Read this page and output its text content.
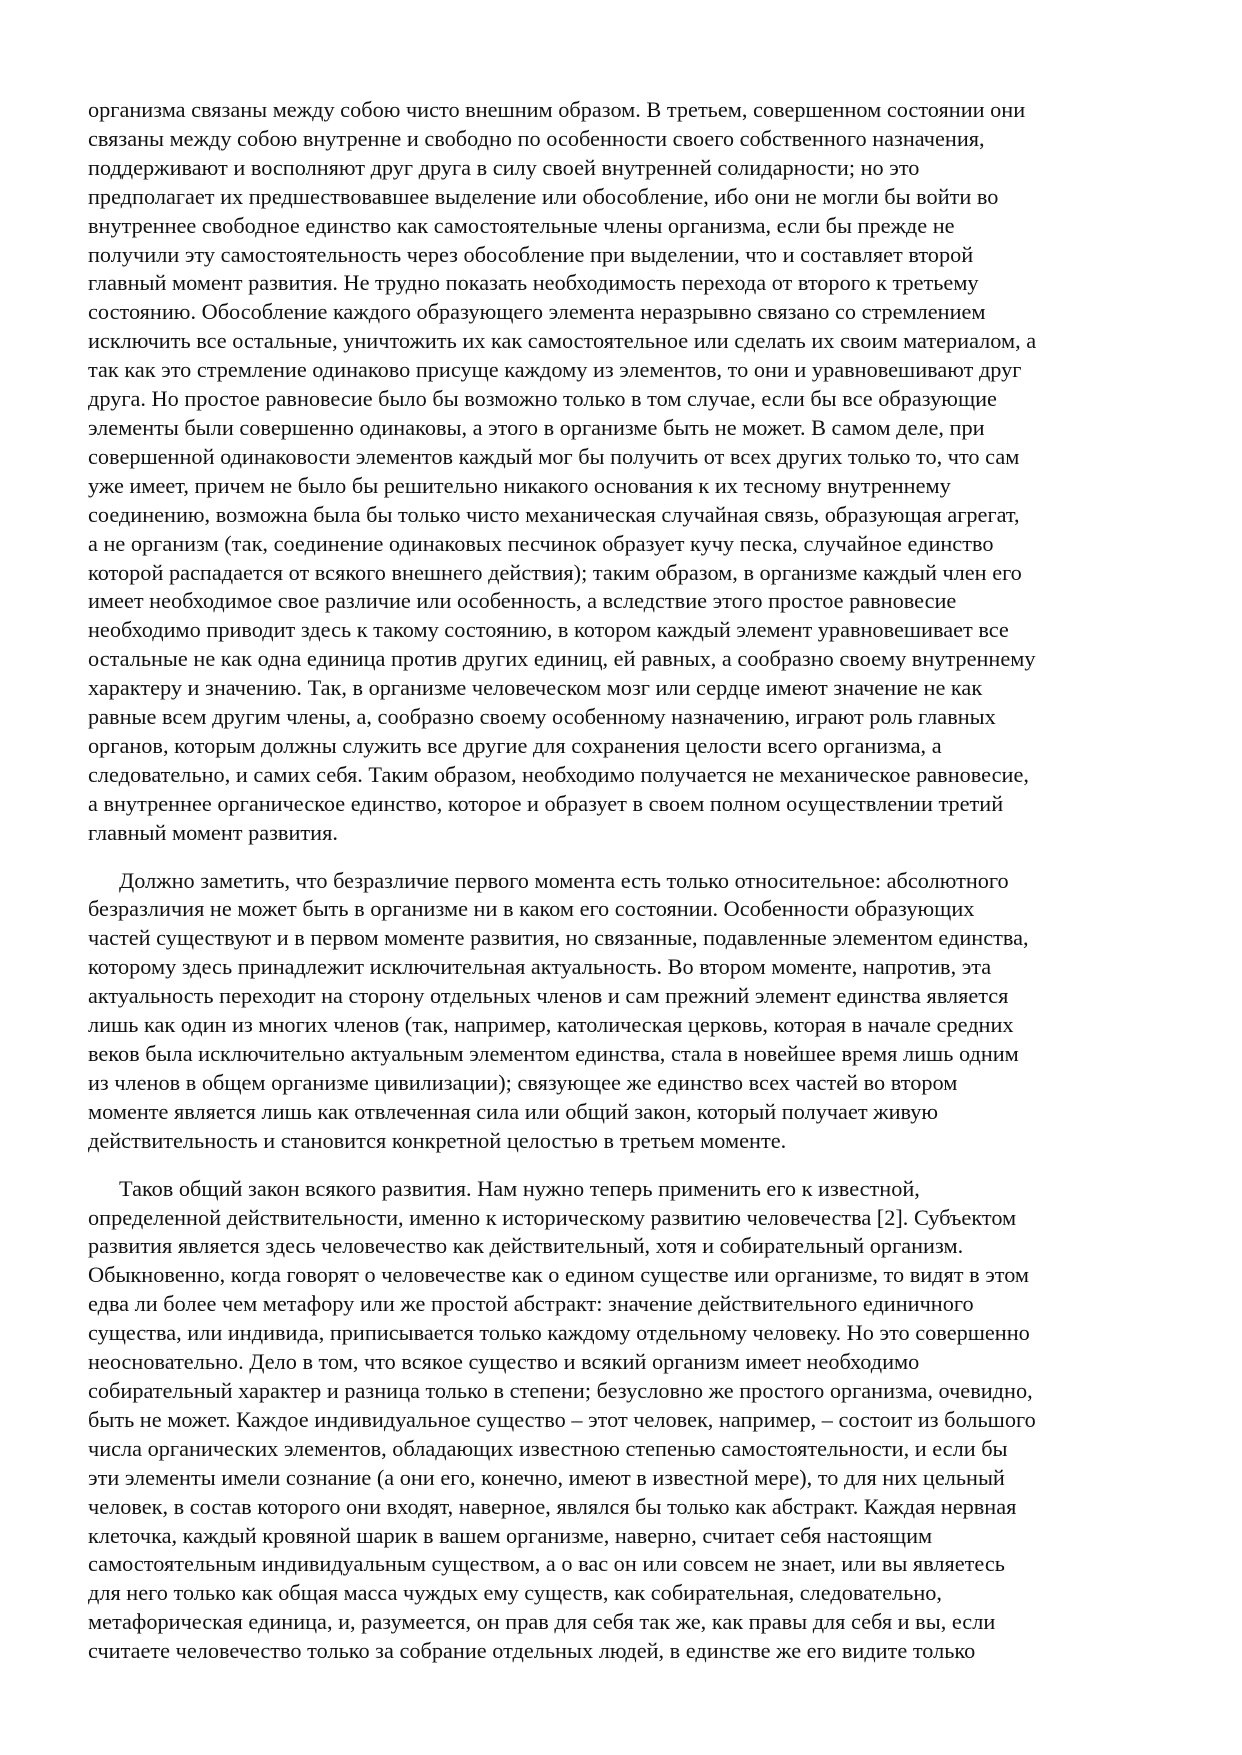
организма связаны между собою чисто внешним образом. В третьем, совершенном состоянии они
связаны между собою внутренне и свободно по особенности своего собственного назначения,
поддерживают и восполняют друг друга в силу своей внутренней солидарности; но это
предполагает их предшествовавшее выделение или обособление, ибо они не могли бы войти во
внутреннее свободное единство как самостоятельные члены организма, если бы прежде не
получили эту самостоятельность через обособление при выделении, что и составляет второй
главный момент развития. Не трудно показать необходимость перехода от второго к третьему
состоянию. Обособление каждого образующего элемента неразрывно связано со стремлением
исключить все остальные, уничтожить их как самостоятельное или сделать их своим материалом, а
так как это стремление одинаково присуще каждому из элементов, то они и уравновешивают друг
друга. Но простое равновесие было бы возможно только в том случае, если бы все образующие
элементы были совершенно одинаковы, а этого в организме быть не может. В самом деле, при
совершенной одинаковости элементов каждый мог бы получить от всех других только то, что сам
уже имеет, причем не было бы решительно никакого основания к их тесному внутреннему
соединению, возможна была бы только чисто механическая случайная связь, образующая агрегат,
а не организм (так, соединение одинаковых песчинок образует кучу песка, случайное единство
которой распадается от всякого внешнего действия); таким образом, в организме каждый член его
имеет необходимое свое различие или особенность, а вследствие этого простое равновесие
необходимо приводит здесь к такому состоянию, в котором каждый элемент уравновешивает все
остальные не как одна единица против других единиц, ей равных, а сообразно своему внутреннему
характеру и значению. Так, в организме человеческом мозг или сердце имеют значение не как
равные всем другим члены, а, сообразно своему особенному назначению, играют роль главных
органов, которым должны служить все другие для сохранения целости всего организма, а
следовательно, и самих себя. Таким образом, необходимо получается не механическое равновесие,
а внутреннее органическое единство, которое и образует в своем полном осуществлении третий
главный момент развития.
Должно заметить, что безразличие первого момента есть только относительное: абсолютного
безразличия не может быть в организме ни в каком его состоянии. Особенности образующих
частей существуют и в первом моменте развития, но связанные, подавленные элементом единства,
которому здесь принадлежит исключительная актуальность. Во втором моменте, напротив, эта
актуальность переходит на сторону отдельных членов и сам прежний элемент единства является
лишь как один из многих членов (так, например, католическая церковь, которая в начале средних
веков была исключительно актуальным элементом единства, стала в новейшее время лишь одним
из членов в общем организме цивилизации); связующее же единство всех частей во втором
моменте является лишь как отвлеченная сила или общий закон, который получает живую
действительность и становится конкретной целостью в третьем моменте.
Таков общий закон всякого развития. Нам нужно теперь применить его к известной,
определенной действительности, именно к историческому развитию человечества [2]. Субъектом
развития является здесь человечество как действительный, хотя и собирательный организм.
Обыкновенно, когда говорят о человечестве как о едином существе или организме, то видят в этом
едва ли более чем метафору или же простой абстракт: значение действительного единичного
существа, или индивида, приписывается только каждому отдельному человеку. Но это совершенно
неосновательно. Дело в том, что всякое существо и всякий организм имеет необходимо
собирательный характер и разница только в степени; безусловно же простого организма, очевидно,
быть не может. Каждое индивидуальное существо – этот человек, например, – состоит из большого
числа органических элементов, обладающих известною степенью самостоятельности, и если бы
эти элементы имели сознание (а они его, конечно, имеют в известной мере), то для них цельный
человек, в состав которого они входят, наверное, являлся бы только как абстракт. Каждая нервная
клеточка, каждый кровяной шарик в вашем организме, наверно, считает себя настоящим
самостоятельным индивидуальным существом, а о вас он или совсем не знает, или вы являетесь
для него только как общая масса чуждых ему существ, как собирательная, следовательно,
метафорическая единица, и, разумеется, он прав для себя так же, как правы для себя и вы, если
считаете человечество только за собрание отдельных людей, в единстве же его видите только
